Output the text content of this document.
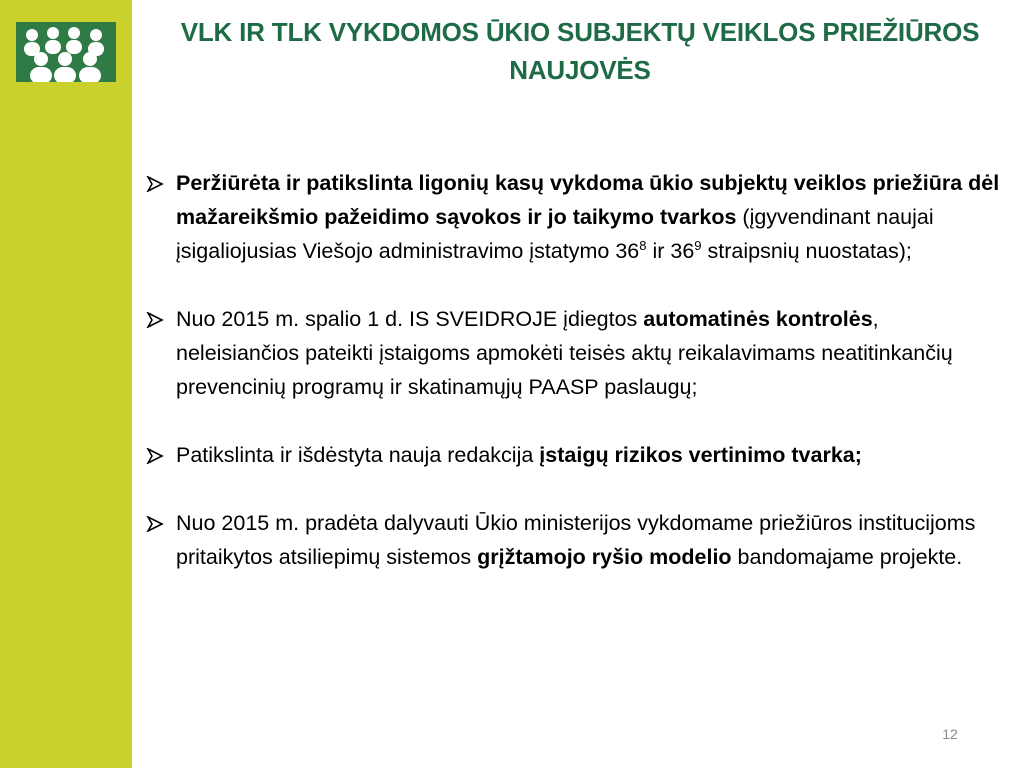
VLK IR TLK VYKDOMOS ŪKIO SUBJEKTŲ VEIKLOS PRIEŽIŪROS NAUJOVĖS
Peržiūrėta ir patikslinta ligonių kasų vykdoma ūkio subjektų veiklos priežiūra dėl mažareikšmio pažeidimo sąvokos ir jo taikymo tvarkos (įgyvendinant naujai įsigaliojusias Viešojo administravimo įstatymo $36^8$ ir $36^9$ straipsnių nuostatas);
Nuo 2015 m. spalio 1 d. IS SVEIDROJE įdiegtos automatinės kontrolės, neleisiančios pateikti įstaigoms apmokėti teisės aktų reikalavimams neatitinkančių prevencinių programų ir skatinamųjų PAASP paslaugų;
Patikslinta ir išdėstyta nauja redakcija įstaigų rizikos vertinimo tvarka;
Nuo 2015 m. pradėta dalyvauti Ūkio ministerijos vykdomame priežiūros institucijoms pritaikytos atsiliepimų sistemos grįžtamojo ryšio modelio bandomajame projekte.
12
